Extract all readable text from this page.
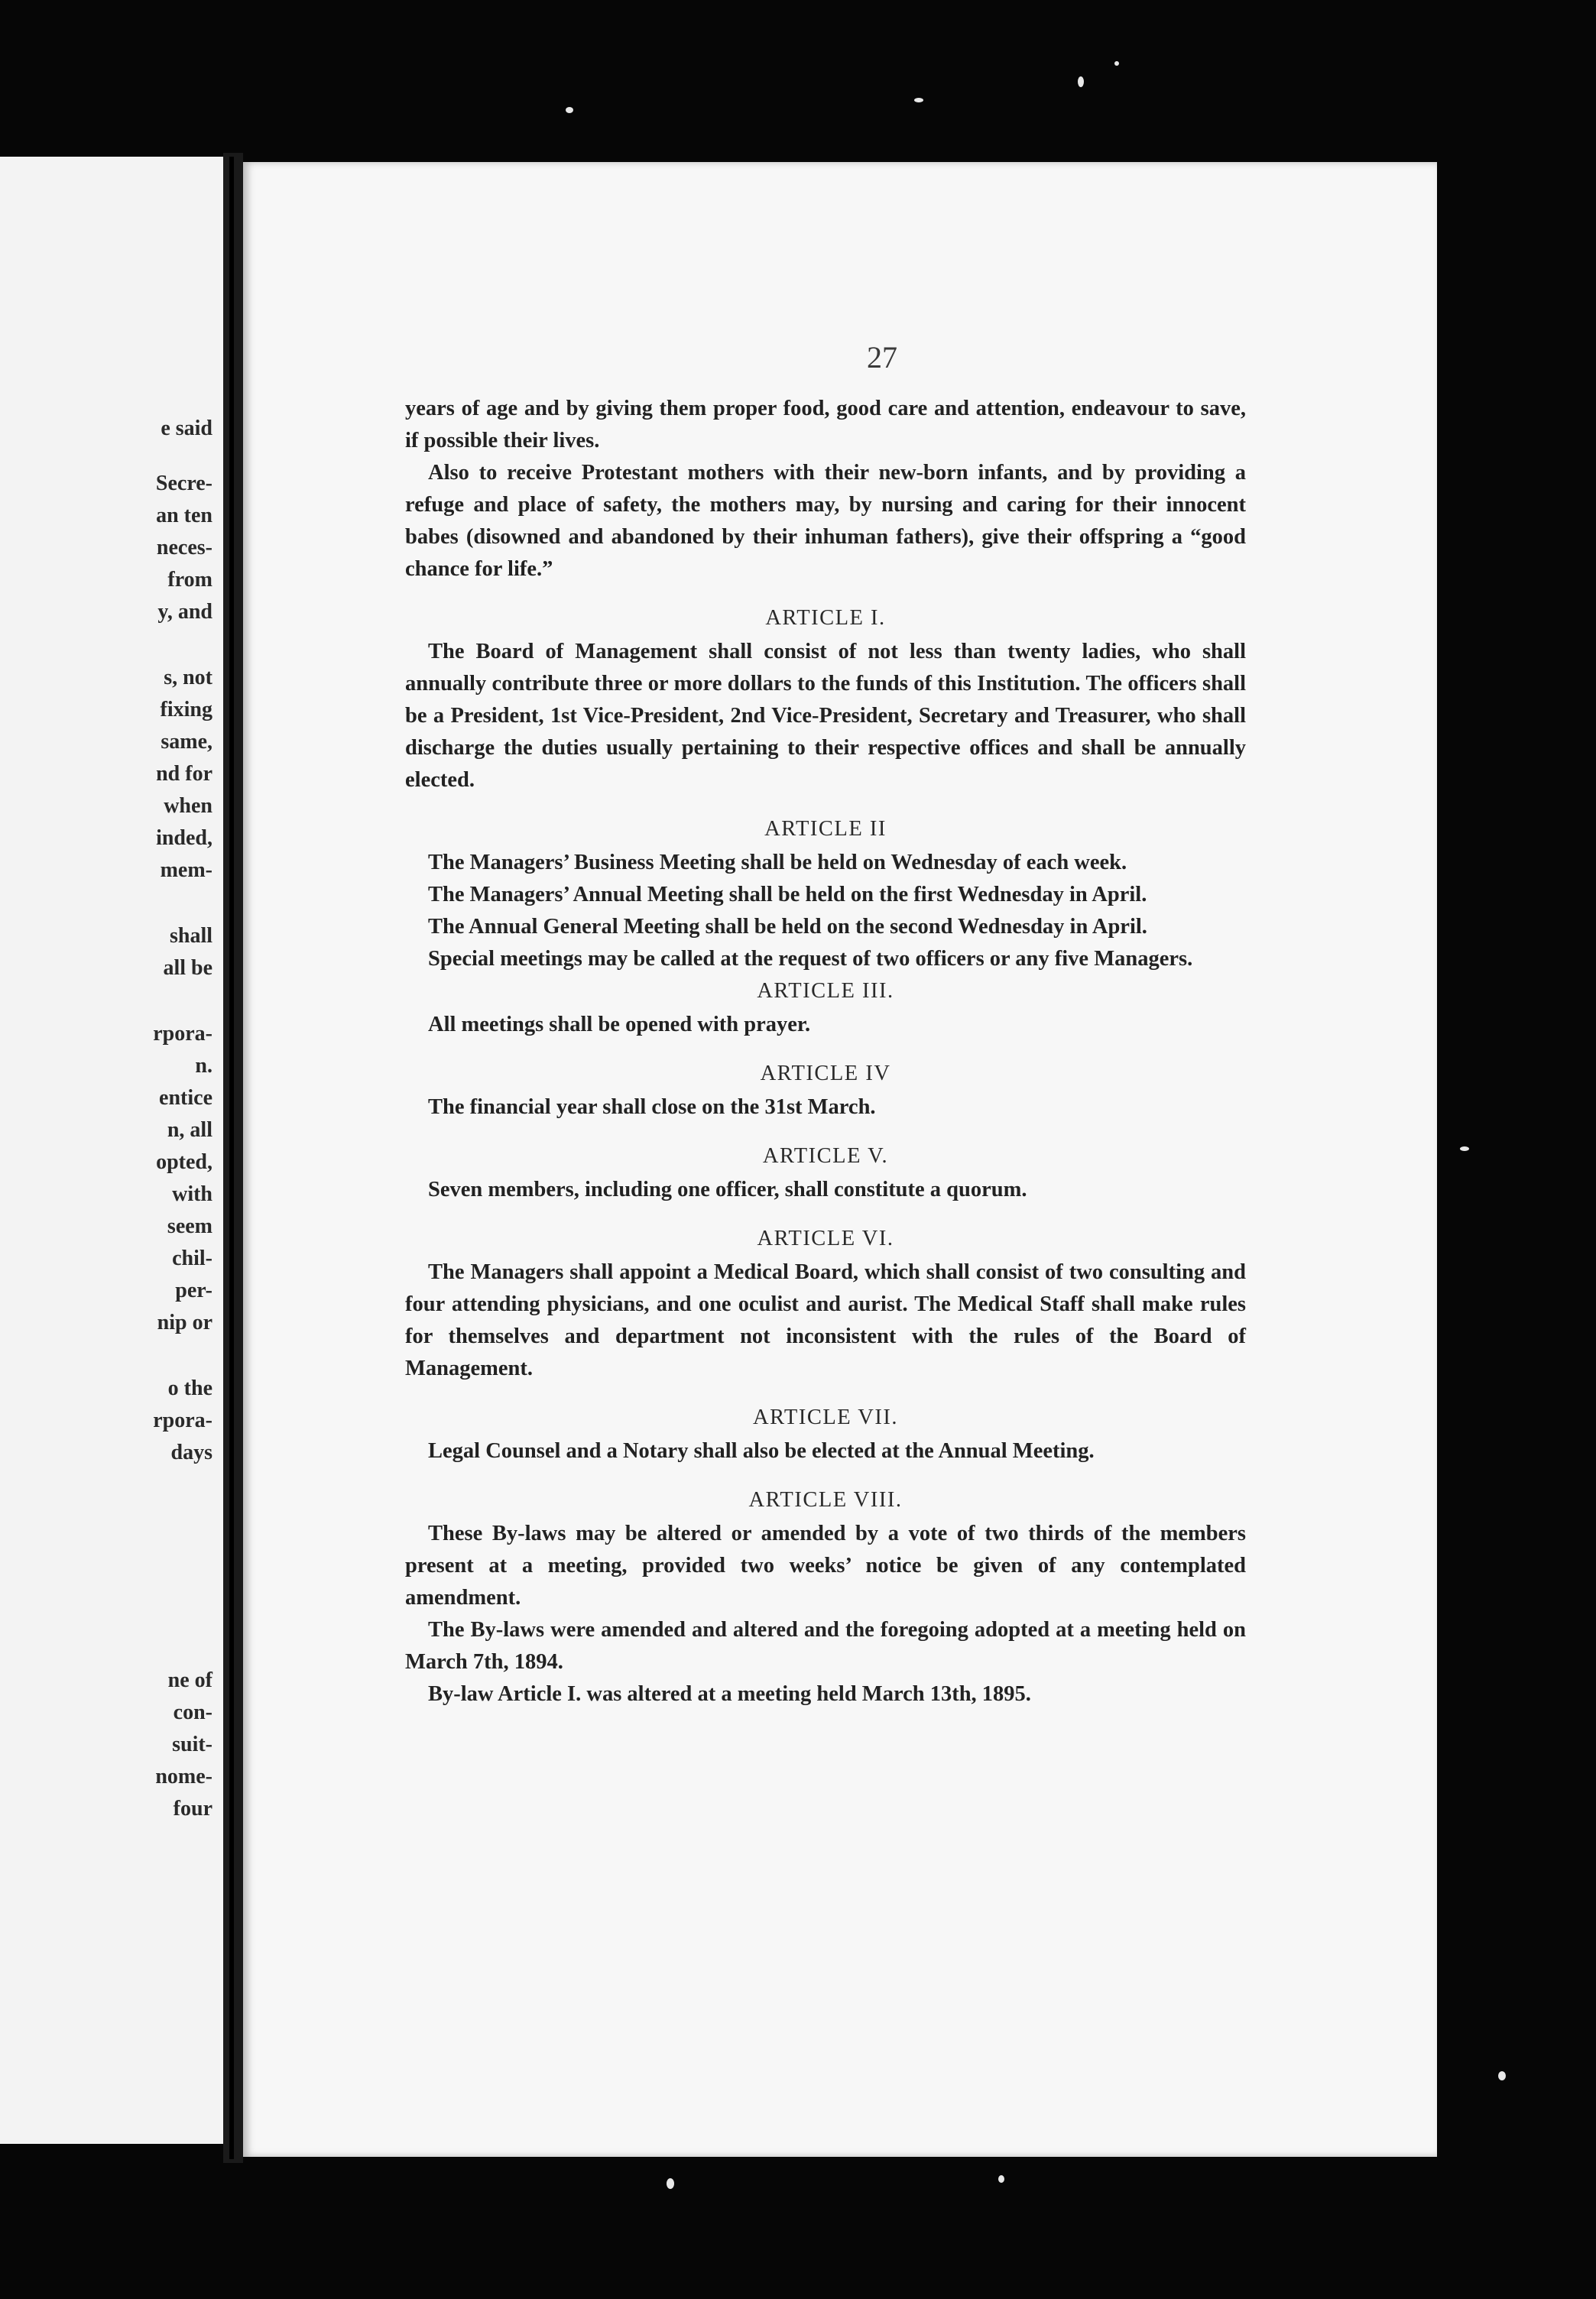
e said
Secre-
an ten
neces-
from
y, and
s, not
fixing
same,
nd for
when
inded,
mem-
shall
all be
rpora-
n.
entice
n, all
opted,
with
seem
chil-
per-
nip or
o the
rpora-
days
ne of
con-
suit-
nome-
four
27

years of age and by giving them proper food, good care and attention, endeavour to save, if possible their lives.

Also to receive Protestant mothers with their new-born infants, and by providing a refuge and place of safety, the mothers may, by nursing and caring for their innocent babes (disowned and abandoned by their inhuman fathers), give their offspring a “good chance for life.”

ARTICLE I.

The Board of Management shall consist of not less than twenty ladies, who shall annually contribute three or more dollars to the funds of this Institution. The officers shall be a President, 1st Vice-President, 2nd Vice-President, Secretary and Treasurer, who shall discharge the duties usually pertaining to their respective offices and shall be annually elected.

ARTICLE II

The Managers’ Business Meeting shall be held on Wednesday of each week.

The Managers’ Annual Meeting shall be held on the first Wednesday in April.

The Annual General Meeting shall be held on the second Wednesday in April.

Special meetings may be called at the request of two officers or any five Managers.

ARTICLE III.

All meetings shall be opened with prayer.

ARTICLE IV

The financial year shall close on the 31st March.

ARTICLE V.

Seven members, including one officer, shall constitute a quorum.

ARTICLE VI.

The Managers shall appoint a Medical Board, which shall consist of two consulting and four attending physicians, and one oculist and aurist. The Medical Staff shall make rules for themselves and department not inconsistent with the rules of the Board of Management.

ARTICLE VII.

Legal Counsel and a Notary shall also be elected at the Annual Meeting.

ARTICLE VIII.

These By-laws may be altered or amended by a vote of two thirds of the members present at a meeting, provided two weeks’ notice be given of any contemplated amendment.

The By-laws were amended and altered and the foregoing adopted at a meeting held on March 7th, 1894.

By-law Article I. was altered at a meeting held March 13th, 1895.
